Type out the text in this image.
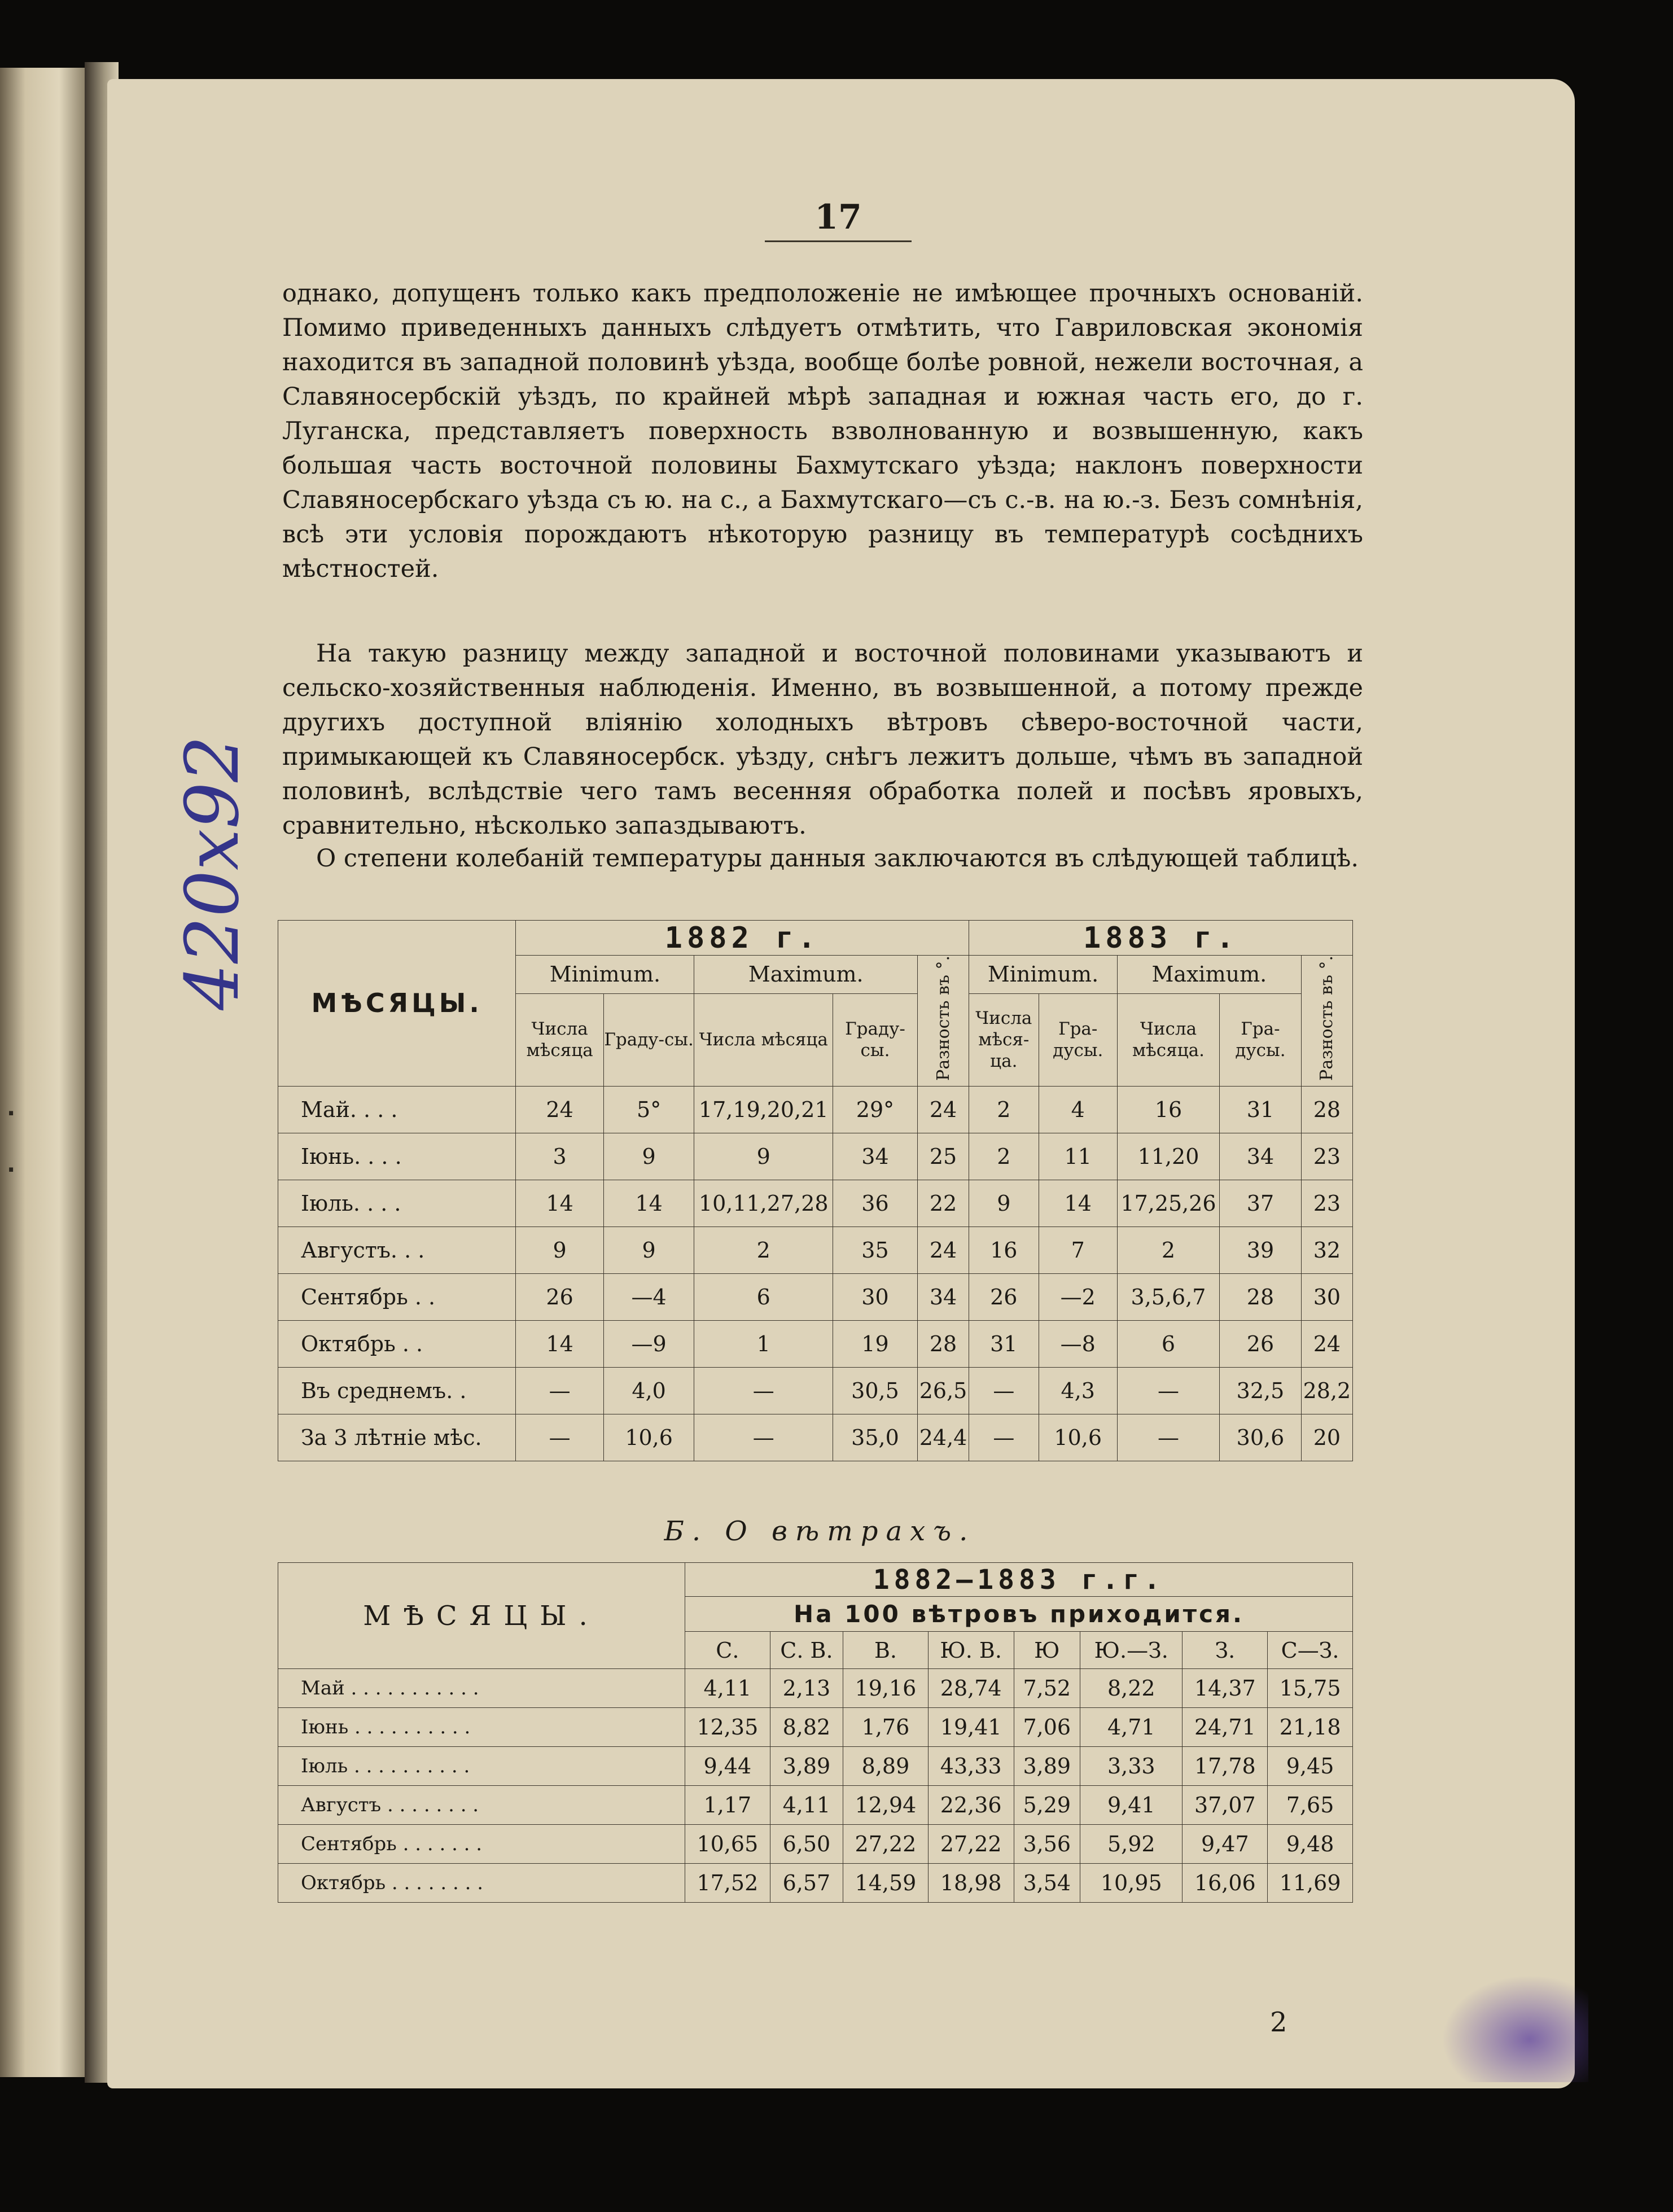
·
·
420x92
17

однако, допущенъ только какъ предположеніе не имѣющее прочныхъ основаній. Помимо приведенныхъ данныхъ слѣдуетъ отмѣтить, что Гавриловская экономія находится въ западной половинѣ уѣзда, вообще болѣе ровной, нежели восточная, а Славяносербскій уѣздъ, по крайней мѣрѣ западная и южная часть его, до г. Луганска, представляетъ поверхность взволнованную и возвышенную, какъ большая часть восточной половины Бахмутскаго уѣзда; наклонъ поверхности Славяносербскаго уѣзда съ ю. на с., а Бахмутскаго—съ с.-в. на ю.-з. Безъ сомнѣнія, всѣ эти условія порождаютъ нѣкоторую разницу въ температурѣ сосѣднихъ мѣстностей.

На такую разницу между западной и восточной половинами указываютъ и сельско-хозяйственныя наблюденія. Именно, въ возвышенной, а потому прежде другихъ доступной вліянію холодныхъ вѣтровъ сѣверо-восточной части, примыкающей къ Славяносербск. уѣзду, снѣгъ лежитъ дольше, чѣмъ въ западной половинѣ, вслѣдствіе чего тамъ весенняя обработка полей и посѣвъ яровыхъ, сравнительно, нѣсколько запаздываютъ.

О степени колебаній температуры данныя заключаются въ слѣдующей таблицѣ.

МѢСЯЦЫ.	1882 г.					1883 г.				
	Minimum.		Maximum.		Разность въ °.	Minimum.		Maximum.		Разность въ °.
	Числа мѣсяца	Граду-сы.	Числа мѣсяца	Граду-сы.		Числа мѣся-ца.	Гра-дусы.	Числа мѣсяца.	Гра-дусы.	
Май. . . .	24	5°	17,19,20,21	29°	24	2	4	16	31	28
Іюнь. . . .	3	9	9	34	25	2	11	11,20	34	23
Іюль. . . .	14	14	10,11,27,28	36	22	9	14	17,25,26	37	23
Августъ. . .	9	9	2	35	24	16	7	2	39	32
Сентябрь . .	26	—4	6	30	34	26	—2	3,5,6,7	28	30
Октябрь . .	14	—9	1	19	28	31	—8	6	26	24
Въ среднемъ. .	—	4,0	—	30,5	26,5	—	4,3	—	32,5	28,2
За 3 лѣтніе мѣс.	—	10,6	—	35,0	24,4	—	10,6	—	30,6	20
Б. О вѣтрахъ.
МѢСЯЦЫ.	1882—1883 г.г.							
	На 100 вѣтровъ приходится.							
	С.	С. В.	В.	Ю. В.	Ю	Ю.—З.	З.	С—З.
Май . . . . . . . . . . .	4,11	2,13	19,16	28,74	7,52	8,22	14,37	15,75
Іюнь . . . . . . . . . .	12,35	8,82	1,76	19,41	7,06	4,71	24,71	21,18
Іюль . . . . . . . . . .	9,44	3,89	8,89	43,33	3,89	3,33	17,78	9,45
Августъ . . . . . . . .	1,17	4,11	12,94	22,36	5,29	9,41	37,07	7,65
Сентябрь . . . . . . .	10,65	6,50	27,22	27,22	3,56	5,92	9,47	9,48
Октябрь . . . . . . . .	17,52	6,57	14,59	18,98	3,54	10,95	16,06	11,69
2
